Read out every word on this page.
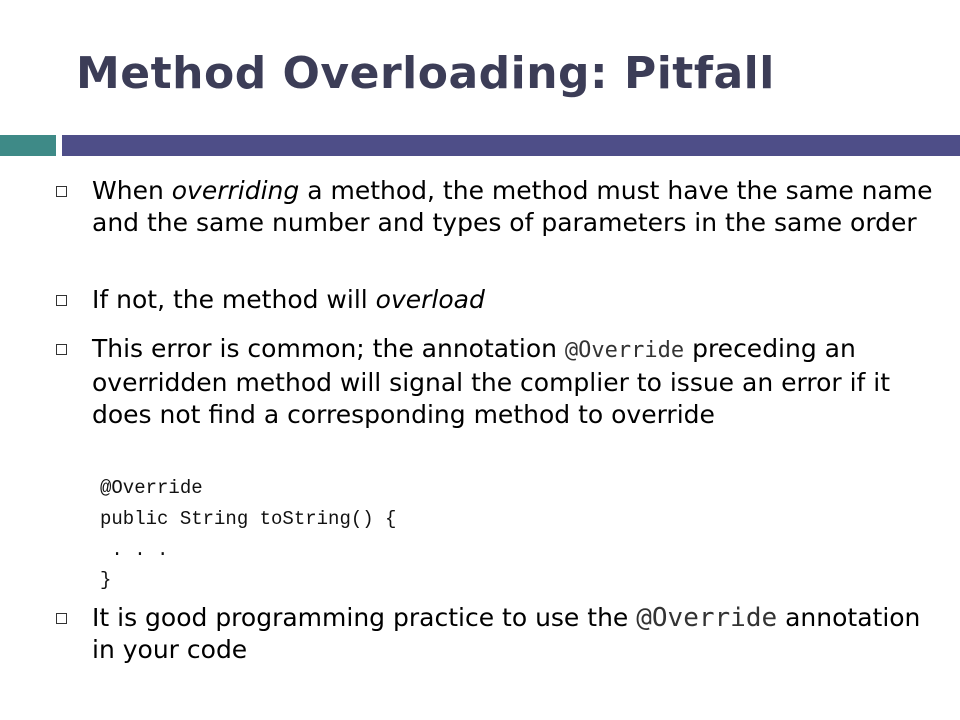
Method Overloading: Pitfall
When overriding a method, the method must have the same name and the same number and types of parameters in the same order
If not, the method will overload
This error is common; the annotation @Override preceding an overridden method will signal the complier to issue an error if it does not find a corresponding method to override
@Override
public String toString() {
. . .
}
It is good programming practice to use the @Override annotation in your code
